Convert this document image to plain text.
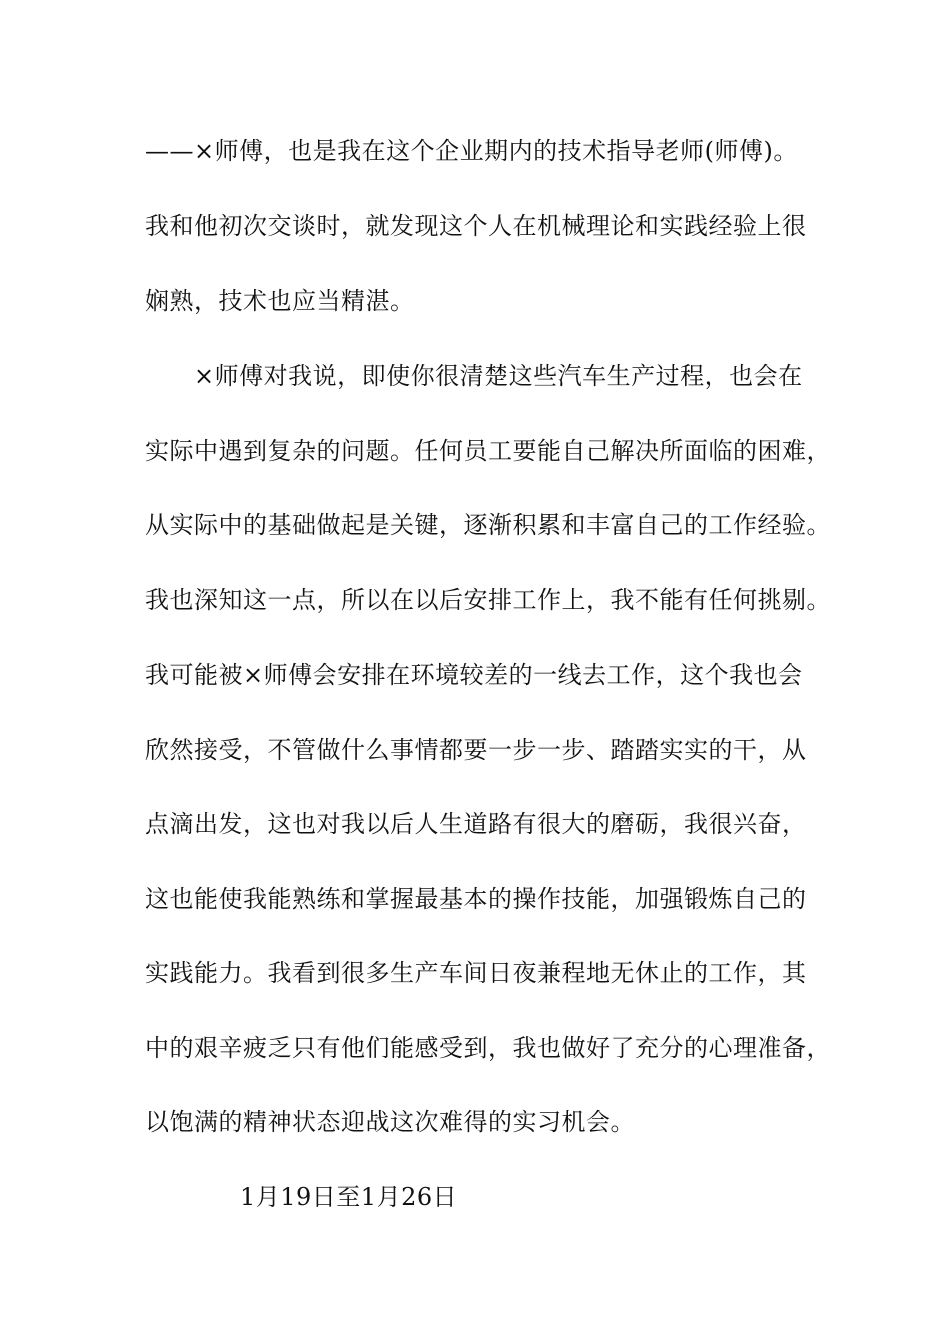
——×师傅，也是我在这个企业期内的技术指导老师(师傅)。

我和他初次交谈时，就发现这个人在机械理论和实践经验上很

娴熟，技术也应当精湛。

×师傅对我说，即使你很清楚这些汽车生产过程，也会在

实际中遇到复杂的问题。任何员工要能自己解决所面临的困难，

从实际中的基础做起是关键，逐渐积累和丰富自己的工作经验。

我也深知这一点，所以在以后安排工作上，我不能有任何挑剔。

我可能被×师傅会安排在环境较差的一线去工作，这个我也会

欣然接受，不管做什么事情都要一步一步、踏踏实实的干，从

点滴出发，这也对我以后人生道路有很大的磨砺，我很兴奋，

这也能使我能熟练和掌握最基本的操作技能，加强锻炼自己的

实践能力。我看到很多生产车间日夜兼程地无休止的工作，其

中的艰辛疲乏只有他们能感受到，我也做好了充分的心理准备，

以饱满的精神状态迎战这次难得的实习机会。

1月19日至1月26日
